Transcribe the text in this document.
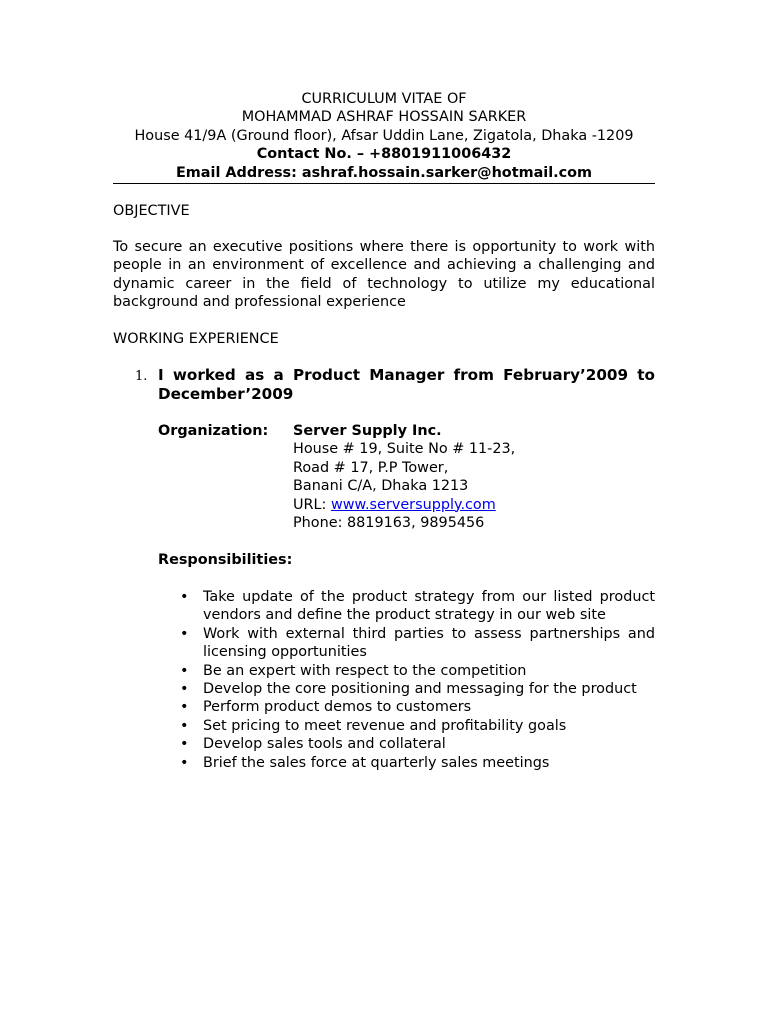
CURRICULUM VITAE OF
MOHAMMAD ASHRAF HOSSAIN SARKER
House 41/9A (Ground floor), Afsar Uddin Lane, Zigatola, Dhaka -1209
Contact No. – +8801911006432
Email Address: ashraf.hossain.sarker@hotmail.com
OBJECTIVE

To secure an executive positions where there is opportunity to work with people in an environment of excellence and achieving a challenging and dynamic career in the field of technology to utilize my educational background and professional experience

WORKING EXPERIENCE
1. I worked as a Product Manager from February’2009 to December’2009
Organization: Server Supply Inc.
House # 19, Suite No # 11-23,
Road # 17, P.P Tower,
Banani C/A, Dhaka 1213
URL: www.serversupply.com
Phone: 8819163, 9895456
Responsibilities:
• Take update of the product strategy from our listed product vendors and define the product strategy in our web site
• Work with external third parties to assess partnerships and licensing opportunities
• Be an expert with respect to the competition
• Develop the core positioning and messaging for the product
• Perform product demos to customers
• Set pricing to meet revenue and profitability goals
• Develop sales tools and collateral
• Brief the sales force at quarterly sales meetings
